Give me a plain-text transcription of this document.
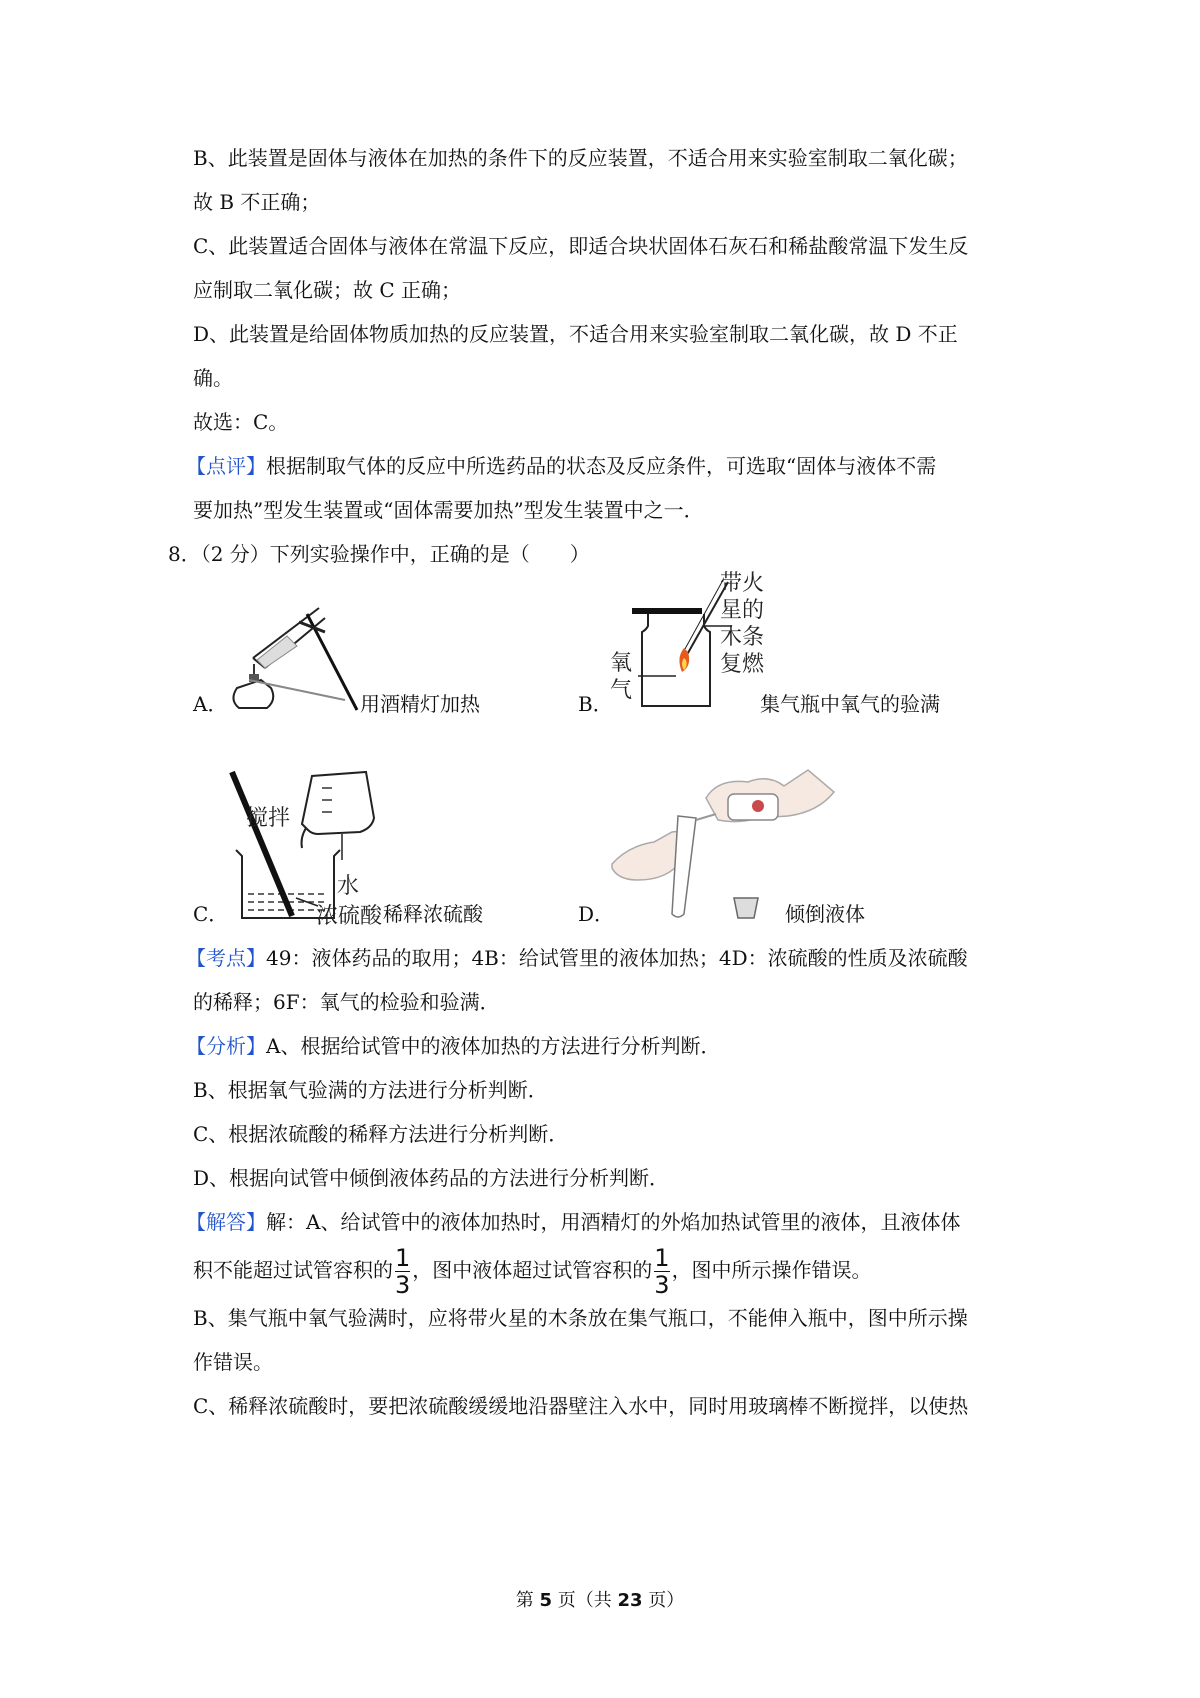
B、此装置是固体与液体在加热的条件下的反应装置，不适合用来实验室制取二氧化碳；
故 B 不正确；
C、此装置适合固体与液体在常温下反应，即适合块状固体石灰石和稀盐酸常温下发生反
应制取二氧化碳；故 C 正确；
D、此装置是给固体物质加热的反应装置，不适合用来实验室制取二氧化碳，故 D 不正
确。
故选：C。
【点评】根据制取气体的反应中所选药品的状态及反应条件，可选取“固体与液体不需
要加热”型发生装置或“固体需要加热”型发生装置中之一．
8．（2 分）下列实验操作中，正确的是（　　）
A．	用酒精灯加热
带火
星的
木条
复燃
氧
气
B．	集气瓶中氧气的验满
搅拌
水
浓硫酸
C．	稀释浓硫酸	D．	倾倒液体
【考点】49：液体药品的取用；4B：给试管里的液体加热；4D：浓硫酸的性质及浓硫酸
的稀释；6F：氧气的检验和验满．
【分析】A、根据给试管中的液体加热的方法进行分析判断．
B、根据氧气验满的方法进行分析判断．
C、根据浓硫酸的稀释方法进行分析判断．
D、根据向试管中倾倒液体药品的方法进行分析判断．
【解答】解：A、给试管中的液体加热时，用酒精灯的外焰加热试管里的液体，且液体体
积不能超过试管容积的 $\frac{1}{3}$ ，图中液体超过试管容积的 $\frac{1}{3}$ ，图中所示操作错误。
B、集气瓶中氧气验满时，应将带火星的木条放在集气瓶口，不能伸入瓶中，图中所示操
作错误。
C、稀释浓硫酸时，要把浓硫酸缓缓地沿器壁注入水中，同时用玻璃棒不断搅拌，以使热
第 5 页（共 23 页）
